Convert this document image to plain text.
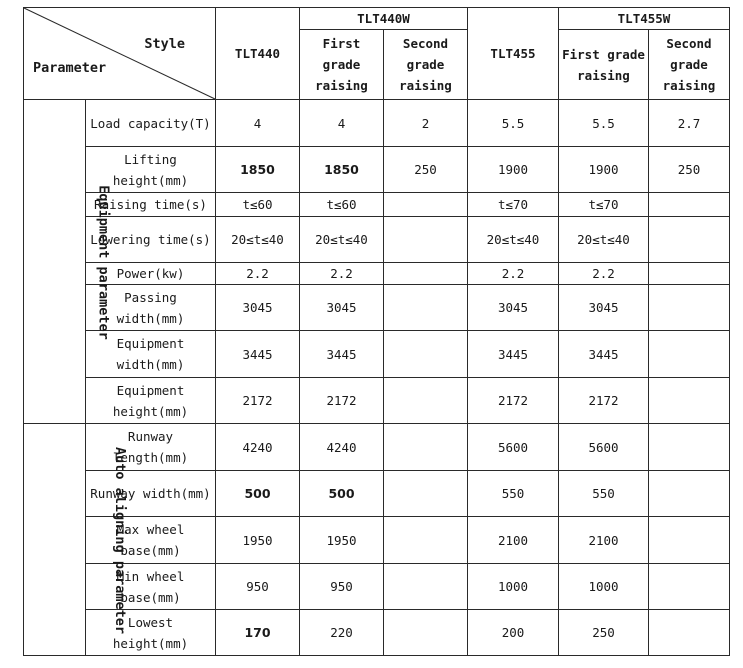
Style
Parameter		TLT440	TLT440W		TLT455	TLT455W	
			First grade raising	Second grade raising		First grade raising	Second grade raising
Equipment parameter	Load capacity(T)	4	4	2	5.5	5.5	2.7
	Lifting height(mm)	1850	1850	250	1900	1900	250
	Raising time(s)	t≤60	t≤60		t≤70	t≤70	
	Lowering time(s)	20≤t≤40	20≤t≤40		20≤t≤40	20≤t≤40	
	Power(kw)	2.2	2.2		2.2	2.2	
	Passing width(mm)	3045	3045		3045	3045	
	Equipment width(mm)	3445	3445		3445	3445	
	Equipment height(mm)	2172	2172		2172	2172	
Auto aligning parameter	Runway length(mm)	4240	4240		5600	5600	
	Runway width(mm)	500	500		550	550	
	Max wheel base(mm)	1950	1950		2100	2100	
	Min wheel base(mm)	950	950		1000	1000	
	Lowest height(mm)	170	220		200	250	
